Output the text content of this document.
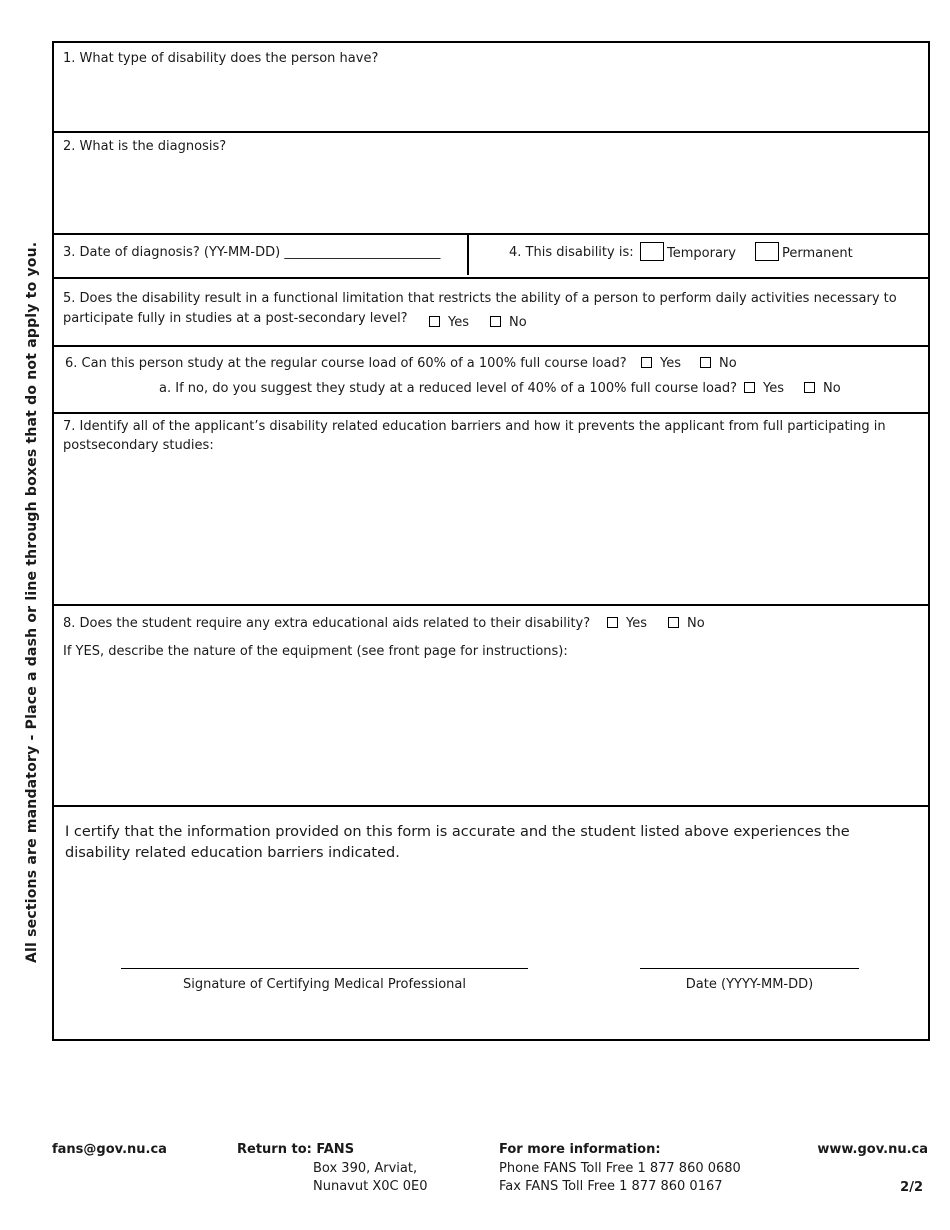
All sections are mandatory - Place a dash or line through boxes that do not apply to you.
1. What type of disability does the person have?
2. What is the diagnosis?
3. Date of diagnosis? (YY-MM-DD) ________________________	4. This disability is:	Temporary	Permanent
5. Does the disability result in a functional limitation that restricts the ability of a person to perform daily activities necessary to
participate fully in studies at a post-secondary level?	Yes	No
6. Can this person study at the regular course load of 60% of a 100% full course load?	Yes	No
a. If no, do you suggest they study at a reduced level of 40% of a 100% full course load?	Yes	No
7. Identify all of the applicant’s disability related education barriers and how it prevents the applicant from full participating in
postsecondary studies:
8. Does the student require any extra educational aids related to their disability?	Yes	No
If YES, describe the nature of the equipment (see front page for instructions):
I certify that the information provided on this form is accurate and the student listed above experiences the disability related education barriers indicated.
Signature of Certifying Medical Professional	Date (YYYY-MM-DD)
fans@gov.nu.ca	Return to: FANS
Box 390, Arviat,
Nunavut X0C 0E0
For more information:
Phone FANS Toll Free 1 877 860 0680
Fax FANS Toll Free 1 877 860 0167
www.gov.nu.ca
2/2
